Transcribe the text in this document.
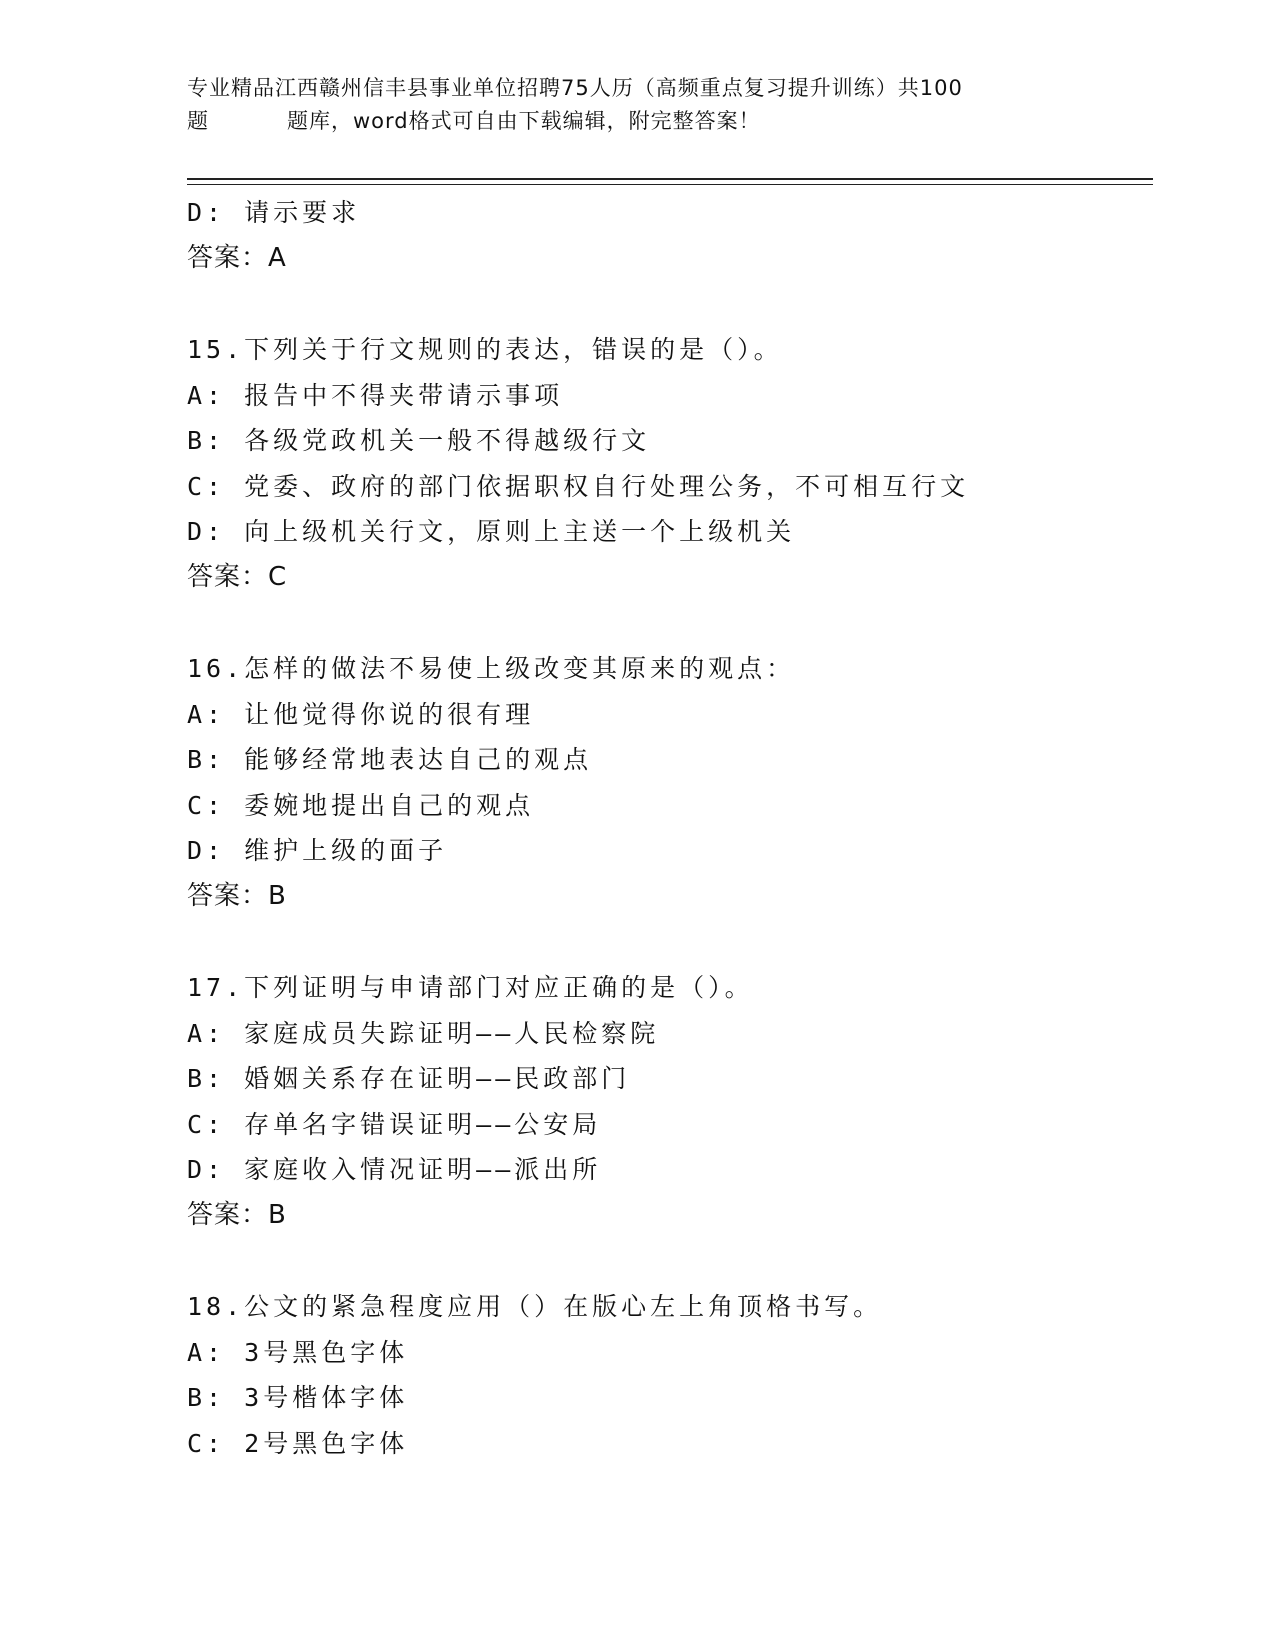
专业精品江西赣州信丰县事业单位招聘75人历（高频重点复习提升训练）共100
题	题库，word格式可自由下载编辑，附完整答案！
D: 请示要求
答案：A
15.下列关于行文规则的表达，错误的是（）。
A: 报告中不得夹带请示事项
B: 各级党政机关一般不得越级行文
C: 党委、政府的部门依据职权自行处理公务，不可相互行文
D: 向上级机关行文，原则上主送一个上级机关
答案：C
16.怎样的做法不易使上级改变其原来的观点：
A: 让他觉得你说的很有理
B: 能够经常地表达自己的观点
C: 委婉地提出自己的观点
D: 维护上级的面子
答案：B
17.下列证明与申请部门对应正确的是（）。
A: 家庭成员失踪证明——人民检察院
B: 婚姻关系存在证明——民政部门
C: 存单名字错误证明——公安局
D: 家庭收入情况证明——派出所
答案：B
18.公文的紧急程度应用（）在版心左上角顶格书写。
A: 3号黑色字体
B: 3号楷体字体
C: 2号黑色字体
